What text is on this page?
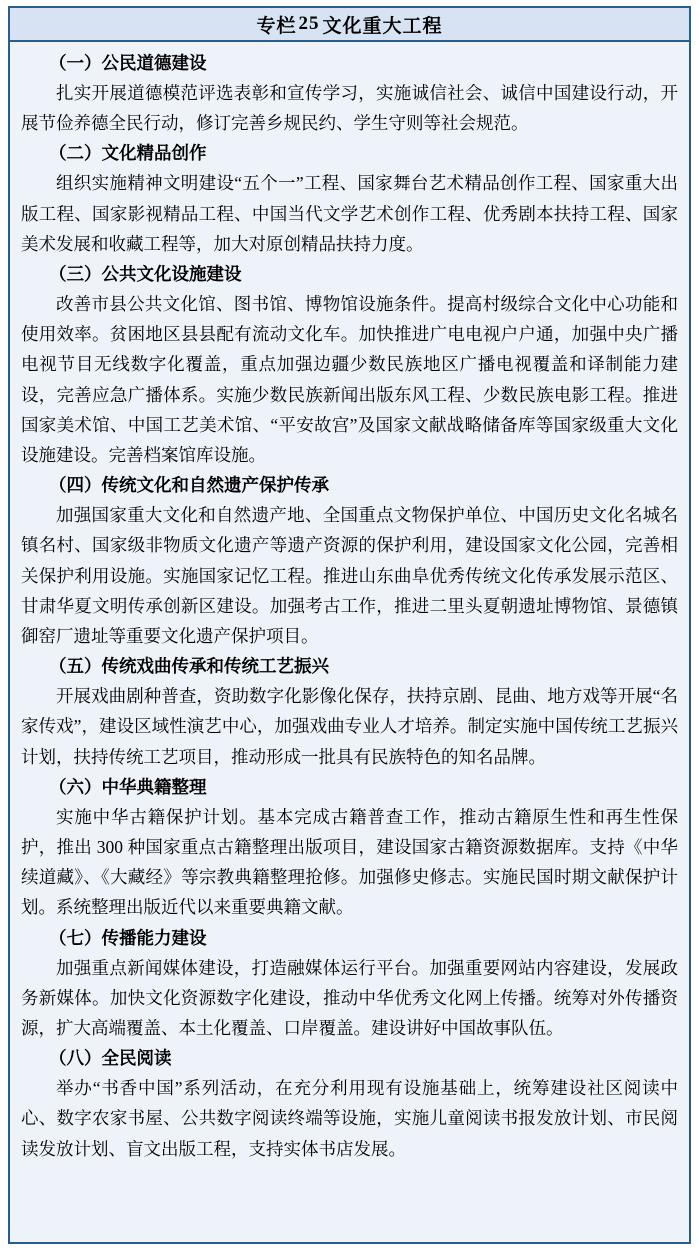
专栏 25 文化重大工程
（一）公民道德建设
扎实开展道德模范评选表彰和宣传学习，实施诚信社会、诚信中国建设行动，开展节俭养德全民行动，修订完善乡规民约、学生守则等社会规范。
（二）文化精品创作
组织实施精神文明建设“五个一”工程、国家舞台艺术精品创作工程、国家重大出版工程、国家影视精品工程、中国当代文学艺术创作工程、优秀剧本扶持工程、国家美术发展和收藏工程等，加大对原创精品扶持力度。
（三）公共文化设施建设
改善市县公共文化馆、图书馆、博物馆设施条件。提高村级综合文化中心功能和使用效率。贫困地区县县配有流动文化车。加快推进广电电视户户通，加强中央广播电视节目无线数字化覆盖，重点加强边疆少数民族地区广播电视覆盖和译制能力建设，完善应急广播体系。实施少数民族新闻出版东风工程、少数民族电影工程。推进国家美术馆、中国工艺美术馆、“平安故宫”及国家文献战略储备库等国家级重大文化设施建设。完善档案馆库设施。
（四）传统文化和自然遗产保护传承
加强国家重大文化和自然遗产地、全国重点文物保护单位、中国历史文化名城名镇名村、国家级非物质文化遗产等遗产资源的保护利用，建设国家文化公园，完善相关保护利用设施。实施国家记忆工程。推进山东曲阜优秀传统文化传承发展示范区、甘肃华夏文明传承创新区建设。加强考古工作，推进二里头夏朝遗址博物馆、景德镇御窑厂遗址等重要文化遗产保护项目。
（五）传统戏曲传承和传统工艺振兴
开展戏曲剧种普查，资助数字化影像化保存，扶持京剧、昆曲、地方戏等开展“名家传戏”，建设区域性演艺中心，加强戏曲专业人才培养。制定实施中国传统工艺振兴计划，扶持传统工艺项目，推动形成一批具有民族特色的知名品牌。
（六）中华典籍整理
实施中华古籍保护计划。基本完成古籍普查工作，推动古籍原生性和再生性保护，推出 300 种国家重点古籍整理出版项目，建设国家古籍资源数据库。支持《中华续道藏》、《大藏经》等宗教典籍整理抢修。加强修史修志。实施民国时期文献保护计划。系统整理出版近代以来重要典籍文献。
（七）传播能力建设
加强重点新闻媒体建设，打造融媒体运行平台。加强重要网站内容建设，发展政务新媒体。加快文化资源数字化建设，推动中华优秀文化网上传播。统筹对外传播资源，扩大高端覆盖、本土化覆盖、口岸覆盖。建设讲好中国故事队伍。
（八）全民阅读
举办“书香中国”系列活动，在充分利用现有设施基础上，统筹建设社区阅读中心、数字农家书屋、公共数字阅读终端等设施，实施儿童阅读书报发放计划、市民阅读发放计划、盲文出版工程，支持实体书店发展。
